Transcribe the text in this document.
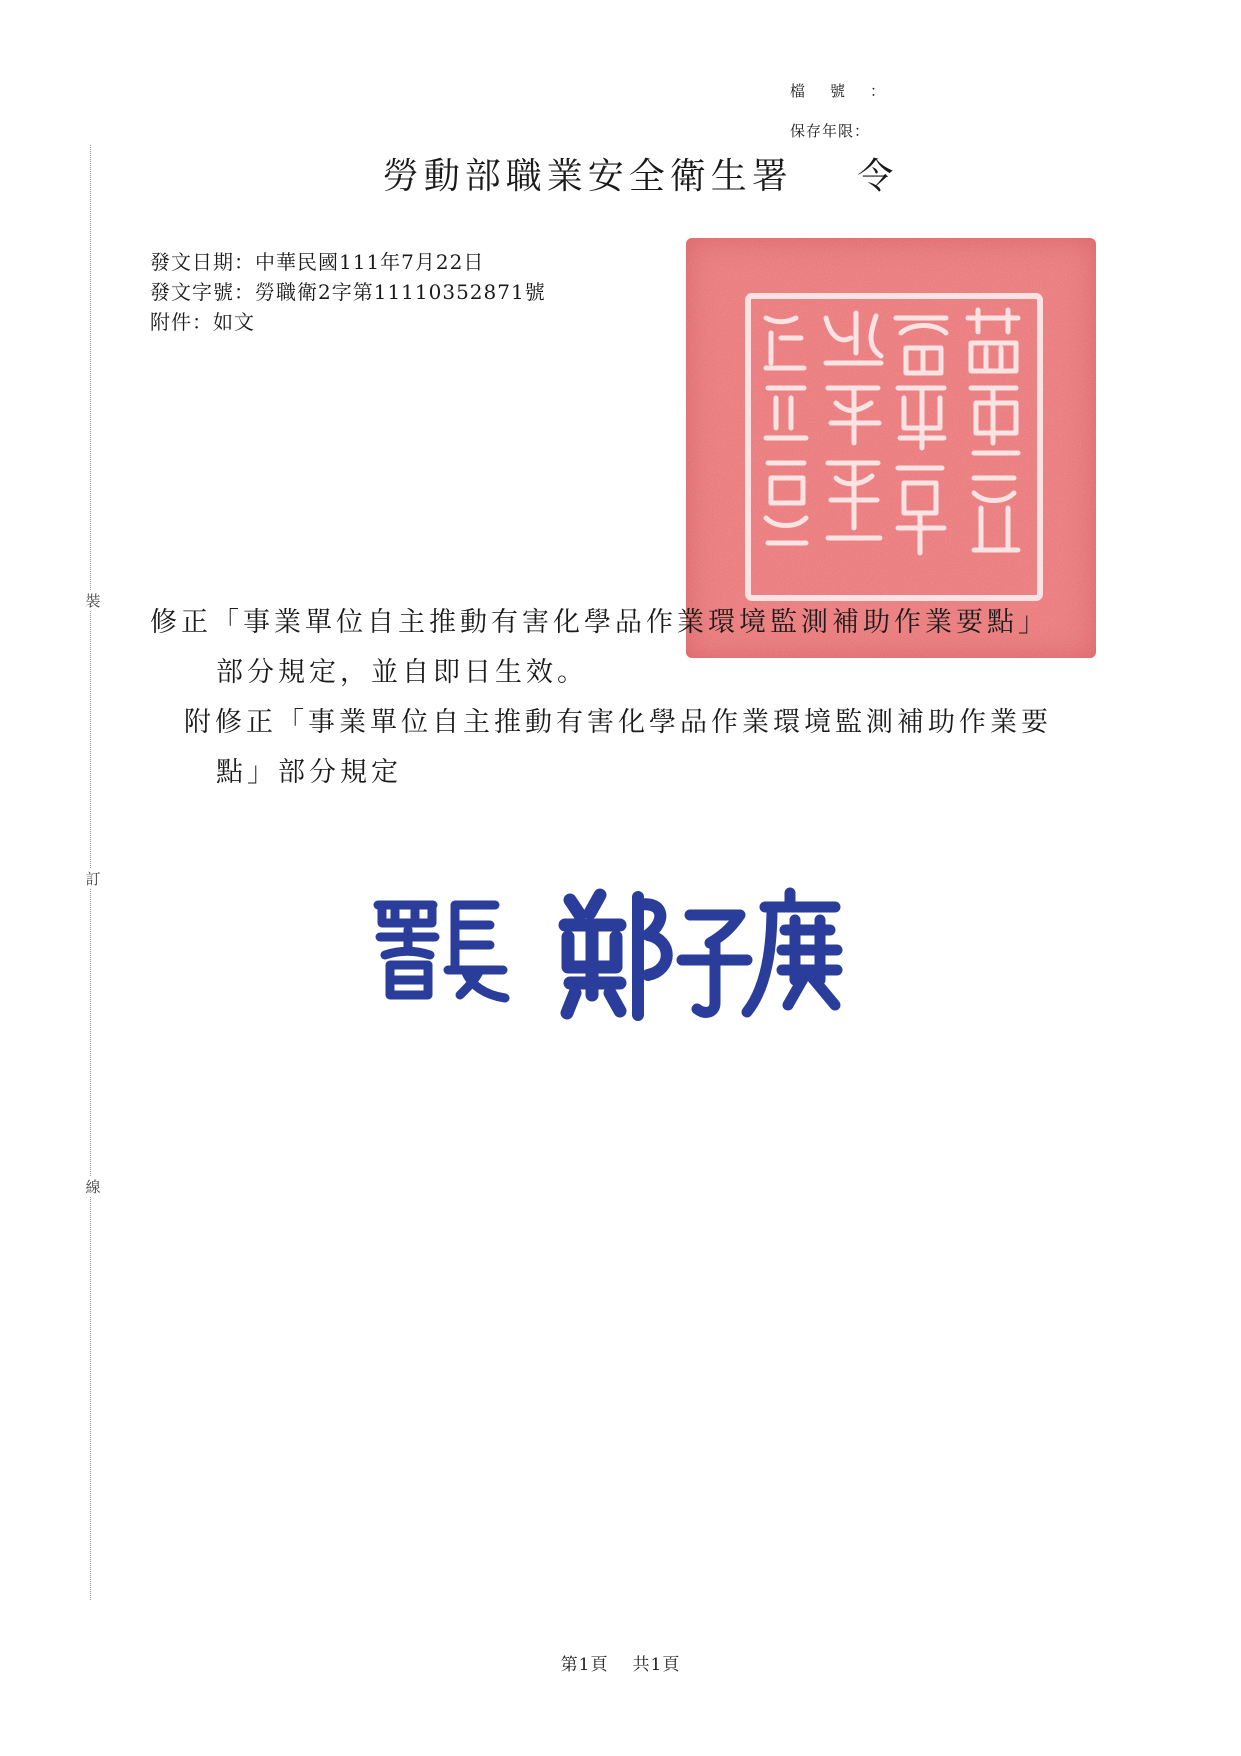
裝
訂
線
檔號：
保存年限：
勞動部職業安全衛生署 令
發文日期：中華民國111年7月22日
發文字號：勞職衛2字第11110352871號
附件：如文

修正「事業單位自主推動有害化學品作業環境監測補助作業要點」

部分規定，並自即日生效。

附修正「事業單位自主推動有害化學品作業環境監測補助作業要

點」部分規定

第1頁 共1頁
